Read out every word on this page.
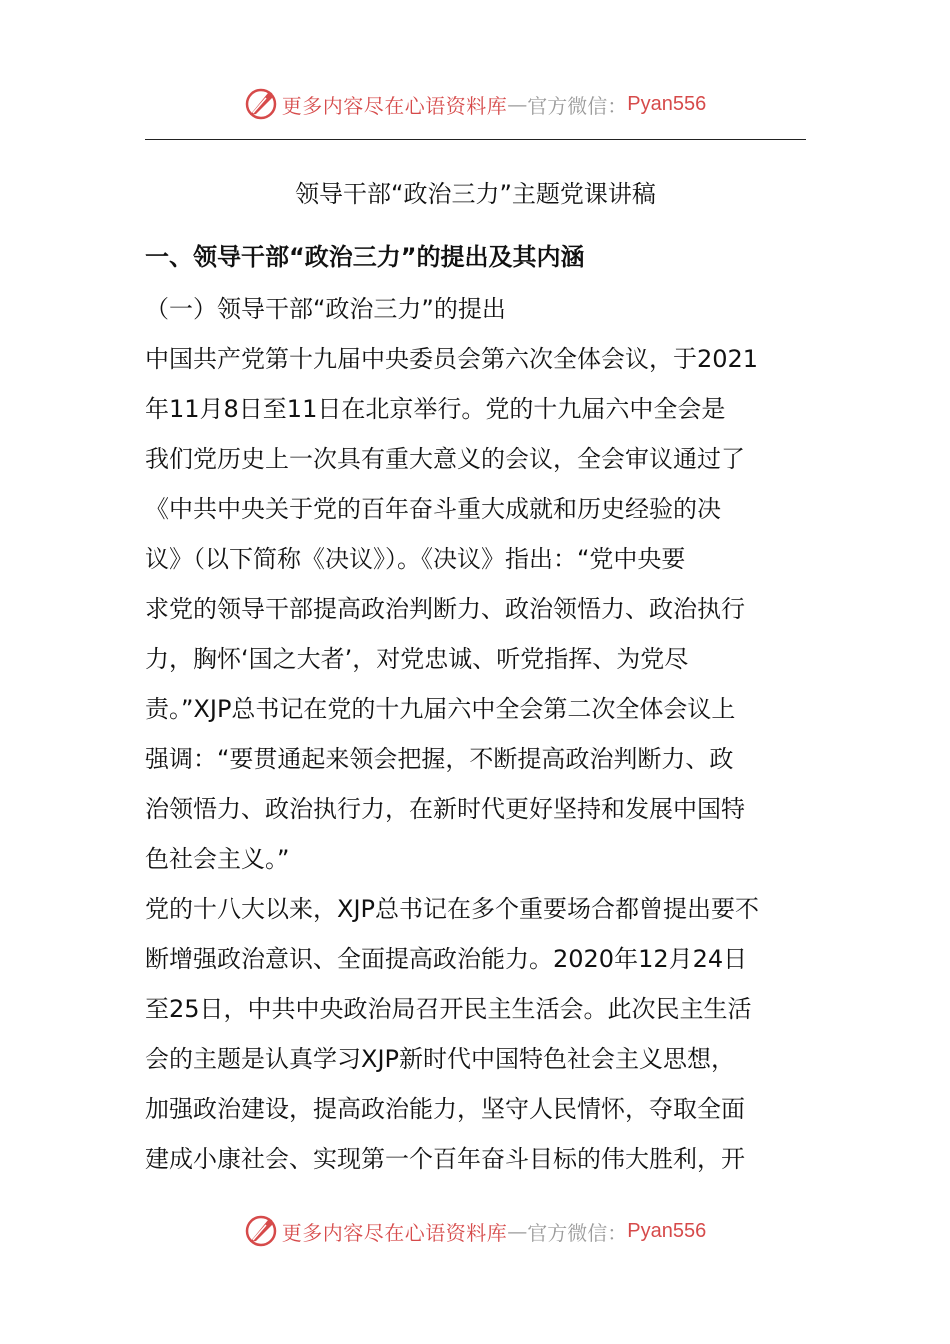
更多内容尽在心语资料库 — 官方微信： Pyan556
领导干部“政治三力”主题党课讲稿
一、领导干部“政治三力”的提出及其内涵
（一）领导干部“政治三力”的提出

中国共产党第十九届中央委员会第六次全体会议，于2021
年11月8日至11日在北京举行。党的十九届六中全会是
我们党历史上一次具有重大意义的会议，全会审议通过了
《中共中央关于党的百年奋斗重大成就和历史经验的决
议》（以下简称《决议》）。《决议》指出：“党中央要
求党的领导干部提高政治判断力、政治领悟力、政治执行
力，胸怀‘国之大者’，对党忠诚、听党指挥、为党尽
责。”XJP总书记在党的十九届六中全会第二次全体会议上
强调：“要贯通起来领会把握，不断提高政治判断力、政
治领悟力、政治执行力，在新时代更好坚持和发展中国特
色社会主义。”

党的十八大以来，XJP总书记在多个重要场合都曾提出要不
断增强政治意识、全面提高政治能力。2020年12月24日
至25日，中共中央政治局召开民主生活会。此次民主生活
会的主题是认真学习XJP新时代中国特色社会主义思想，
加强政治建设，提高政治能力，坚守人民情怀，夺取全面
建成小康社会、实现第一个百年奋斗目标的伟大胜利，开

更多内容尽在心语资料库 — 官方微信： Pyan556
